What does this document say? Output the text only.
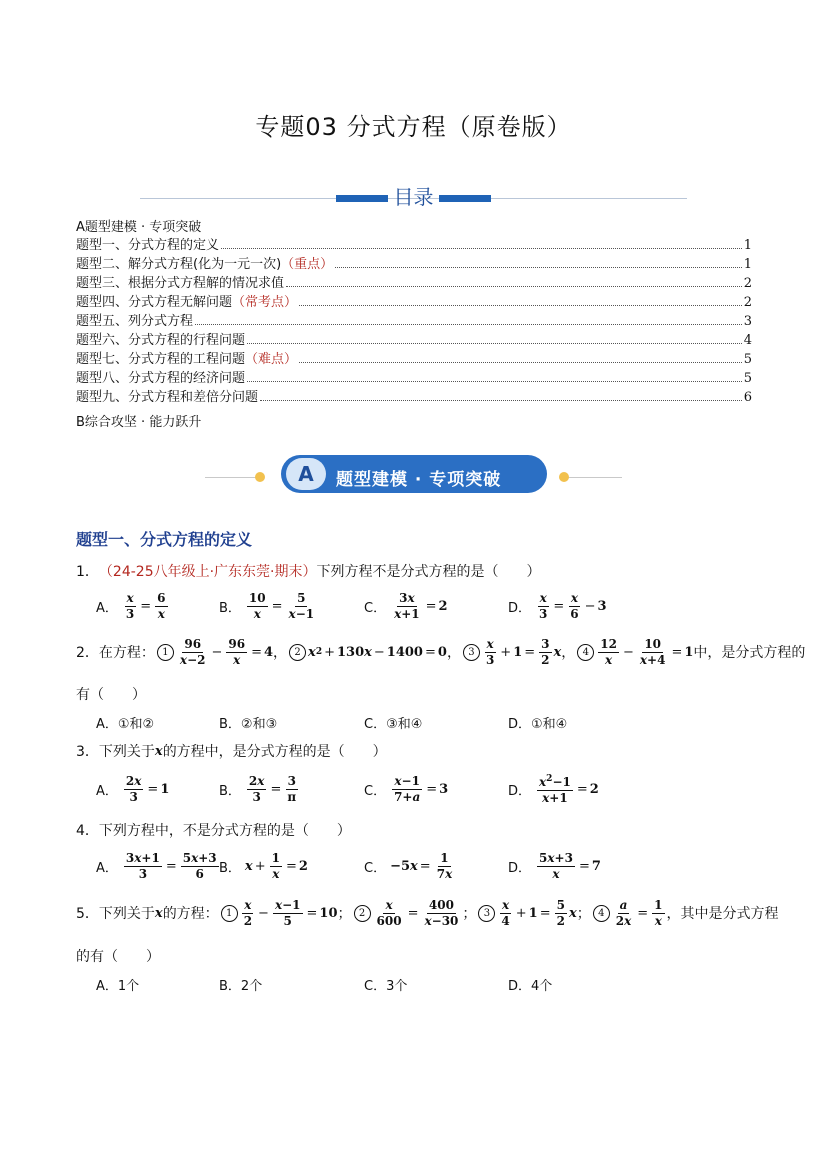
专题03 分式方程（原卷版）
目录
A题型建模 · 专项突破
题型一、分式方程的定义	1
题型二、解分式方程(化为一元一次) （重点）	1
题型三、根据分式方程解的情况求值	2
题型四、分式方程无解问题 （常考点）	2
题型五、列分式方程	3
题型六、分式方程的行程问题	4
题型七、分式方程的工程问题 （难点）	5
题型八、分式方程的经济问题	5
题型九、分式方程和差倍分问题	6
B综合攻坚 · 能力跃升
A	题型建模 · 专项突破
题型一、分式方程的定义
1． （24-25八年级上·广东东莞·期末） 下列方程不是分式方程的是（　　）
A． $\frac{x}{3} = \frac{6}{x}$	B． $\frac{10}{x} = \frac{5}{x-1}$	C． $\frac{3x}{x+1} = 2$	D． $\frac{x}{3} = \frac{x}{6} - 3$
2． 在方程： 1
96
$x-2 - \frac{96}{x} = 4$ ， 2 x 2 + 130 x − 1400 = 0 ， 3
x
$3 + 1 = \frac{3}{2}$ x ， 4
12
$x - \frac{10}{x+4} = 1$ 中，是分式方程的
有（　　）
A．①和②	B．②和③	C．③和④	D．①和④
3． 下列关于 x 的方程中，是分式方程的是（　　）
A． $\frac{2x}{3} = 1$	B． $\frac{2x}{3} = \frac{3}{\pi}$	C． $\frac{x-1}{7+a} = 3$	D． $\frac{x^2-1}{x+1} = 2$
4． 下列方程中，不是分式方程的是（　　）
A． $\frac{3x+1}{3} = \frac{5x+3}{6}$ B． $x + \frac{1}{x} = 2$	C． −5 $x = \frac{1}{7x}$	D． $\frac{5x+3}{x} = 7$
5． 下列关于 x 的方程： 1
x
$2 - \frac{x-1}{5} = 10$ ； $2 \frac{x}{600} = \frac{400}{x-30}$ ； 3
x
$4 + 1 = \frac{5}{2}$ x ； $4 \frac{a}{2x} = \frac{1}{x}$ ，其中是分式方程
的有（　　）
A．1个	B．2个	C．3个	D．4个
